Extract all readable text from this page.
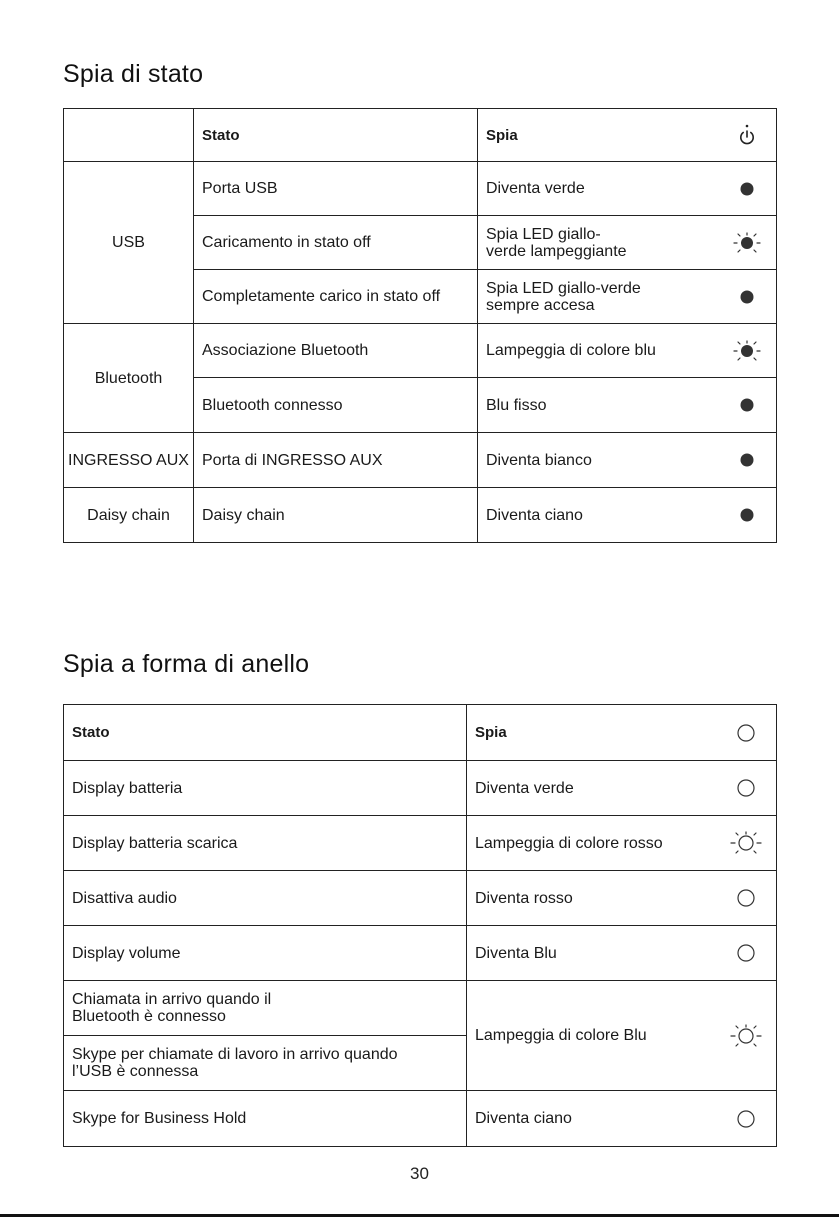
Spia di stato
	Stato	Spia	
USB	Porta USB	Diventa verde

	Caricamento in stato off	Spia LED giallo-
verde lampeggiante

	Completamente carico in stato off	Spia LED giallo-verde
sempre accesa

Bluetooth	Associazione Bluetooth	Lampeggia di colore blu

	Bluetooth connesso	Blu fisso

INGRESSO AUX	Porta di INGRESSO AUX	Diventa bianco

Daisy chain	Daisy chain	Diventa ciano

Spia a forma di anello
Stato	Spia	

Display batteria	Diventa verde	

Display batteria scarica	Lampeggia di colore rosso	

Disattiva audio	Diventa rosso	

Display volume	Diventa Blu	

Chiamata in arrivo quando il
Bluetooth è connesso	Lampeggia di colore Blu	

Skype per chiamate di lavoro in arrivo quando
l’USB è connessa		

Skype for Business Hold	Diventa ciano	
30
